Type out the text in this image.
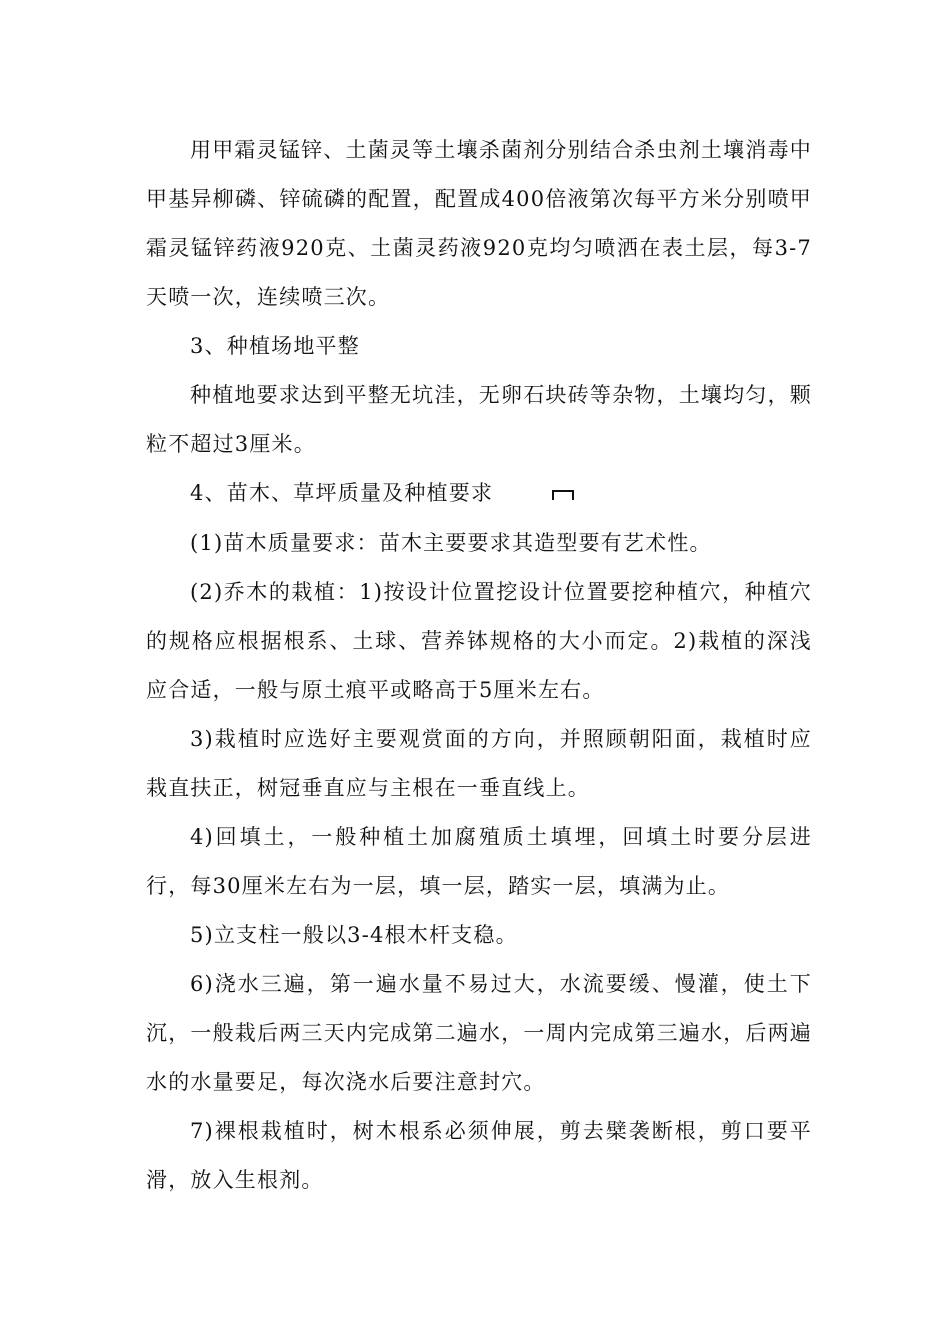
用甲霜灵锰锌、土菌灵等土壤杀菌剂分别结合杀虫剂土壤消毒中甲基异柳磷、锌硫磷的配置，配置成400倍液第次每平方米分别喷甲霜灵锰锌药液920克、土菌灵药液920克均匀喷洒在表土层，每3-7天喷一次，连续喷三次。

3、种植场地平整

种植地要求达到平整无坑洼，无卵石块砖等杂物，土壤均匀，颗粒不超过3厘米。

4、苗木、草坪质量及种植要求

(1)苗木质量要求：苗木主要要求其造型要有艺术性。

(2)乔木的栽植：1)按设计位置挖设计位置要挖种植穴，种植穴的规格应根据根系、土球、营养钵规格的大小而定。2)栽植的深浅应合适，一般与原土痕平或略高于5厘米左右。

3)栽植时应选好主要观赏面的方向，并照顾朝阳面，栽植时应栽直扶正，树冠垂直应与主根在一垂直线上。

4)回填土，一般种植土加腐殖质土填埋，回填土时要分层进行，每30厘米左右为一层，填一层，踏实一层，填满为止。

5)立支柱一般以3-4根木杆支稳。

6)浇水三遍，第一遍水量不易过大，水流要缓、慢灌，使土下沉，一般栽后两三天内完成第二遍水，一周内完成第三遍水，后两遍水的水量要足，每次浇水后要注意封穴。

7)裸根栽植时，树木根系必须伸展，剪去檗袭断根，剪口要平滑，放入生根剂。
